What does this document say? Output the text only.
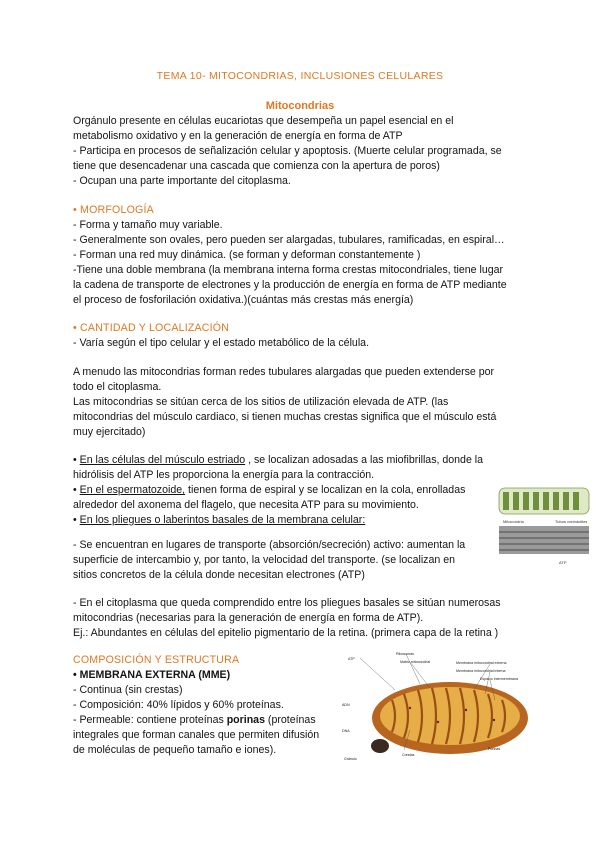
TEMA 10- MITOCONDRIAS, INCLUSIONES CELULARES
Mitocondrias

Orgánulo presente en células eucariotas que desempeña un papel esencial en el

metabolismo oxidativo y en la generación de energía en forma de ATP

- Participa en procesos de señalización celular y apoptosis. (Muerte celular programada, se

tiene que desencadenar una cascada que comienza con la apertura de poros)

- Ocupan una parte importante del citoplasma.

• MORFOLOGÍA

- Forma y tamaño muy variable.

- Generalmente son ovales, pero pueden ser alargadas, tubulares, ramificadas, en espiral…

- Forman una red muy dinámica. (se forman y deforman constantemente )

-Tiene una doble membrana (la membrana interna forma crestas mitocondriales, tiene lugar

la cadena de transporte de electrones y la producción de energía en forma de ATP mediante

el proceso de fosforilación oxidativa.)(cuántas más crestas más energía)

• CANTIDAD Y LOCALIZACIÓN

- Varía según el tipo celular y el estado metabólico de la célula.

A menudo las mitocondrias forman redes tubulares alargadas que pueden extenderse por

todo el citoplasma.

Las mitocondrias se sitúan cerca de los sitios de utilización elevada de ATP. (las

mitocondrias del músculo cardiaco, si tienen muchas crestas significa que el músculo está

muy ejercitado)

• En las células del músculo estriado , se localizan adosadas a las miofibrillas, donde la

hidrólisis del ATP les proporciona la energía para la contracción.

• En el espermatozoide, tienen forma de espiral y se localizan en la cola, enrolladas

alrededor del axonema del flagelo, que necesita ATP para su movimiento.

• En los pliegues o laberintos basales de la membrana celular:

- Se encuentran en lugares de transporte (absorción/secreción) activo: aumentan la

superficie de intercambio y, por tanto, la velocidad del transporte. (se localizan en

sitios concretos de la célula donde necesitan electrones (ATP)

- En el citoplasma que queda comprendido entre los pliegues basales se sitúan numerosas

mitocondrias (necesarias para la generación de energía en forma de ATP).

Ej.: Abundantes en células del epitelio pigmentario de la retina. (primera capa de la retina )

COMPOSICIÓN Y ESTRUCTURA

• MEMBRANA EXTERNA (MME)

- Continua (sin crestas)

- Composición: 40% lípidos y 60% proteínas.

- Permeable: contiene proteínas porinas (proteínas

integrales que forman canales que permiten difusión

de moléculas de pequeño tamaño e iones).

Mitocondria	Tubos contráctiles
ATP
ATP
Ribosomas
Matriz mitocondrial	Membrana mitocondrial externa
Membrana mitocondrial interna
Espacio intermembrana
Gránulo
Crestas
Porinas
ADN
DNA
